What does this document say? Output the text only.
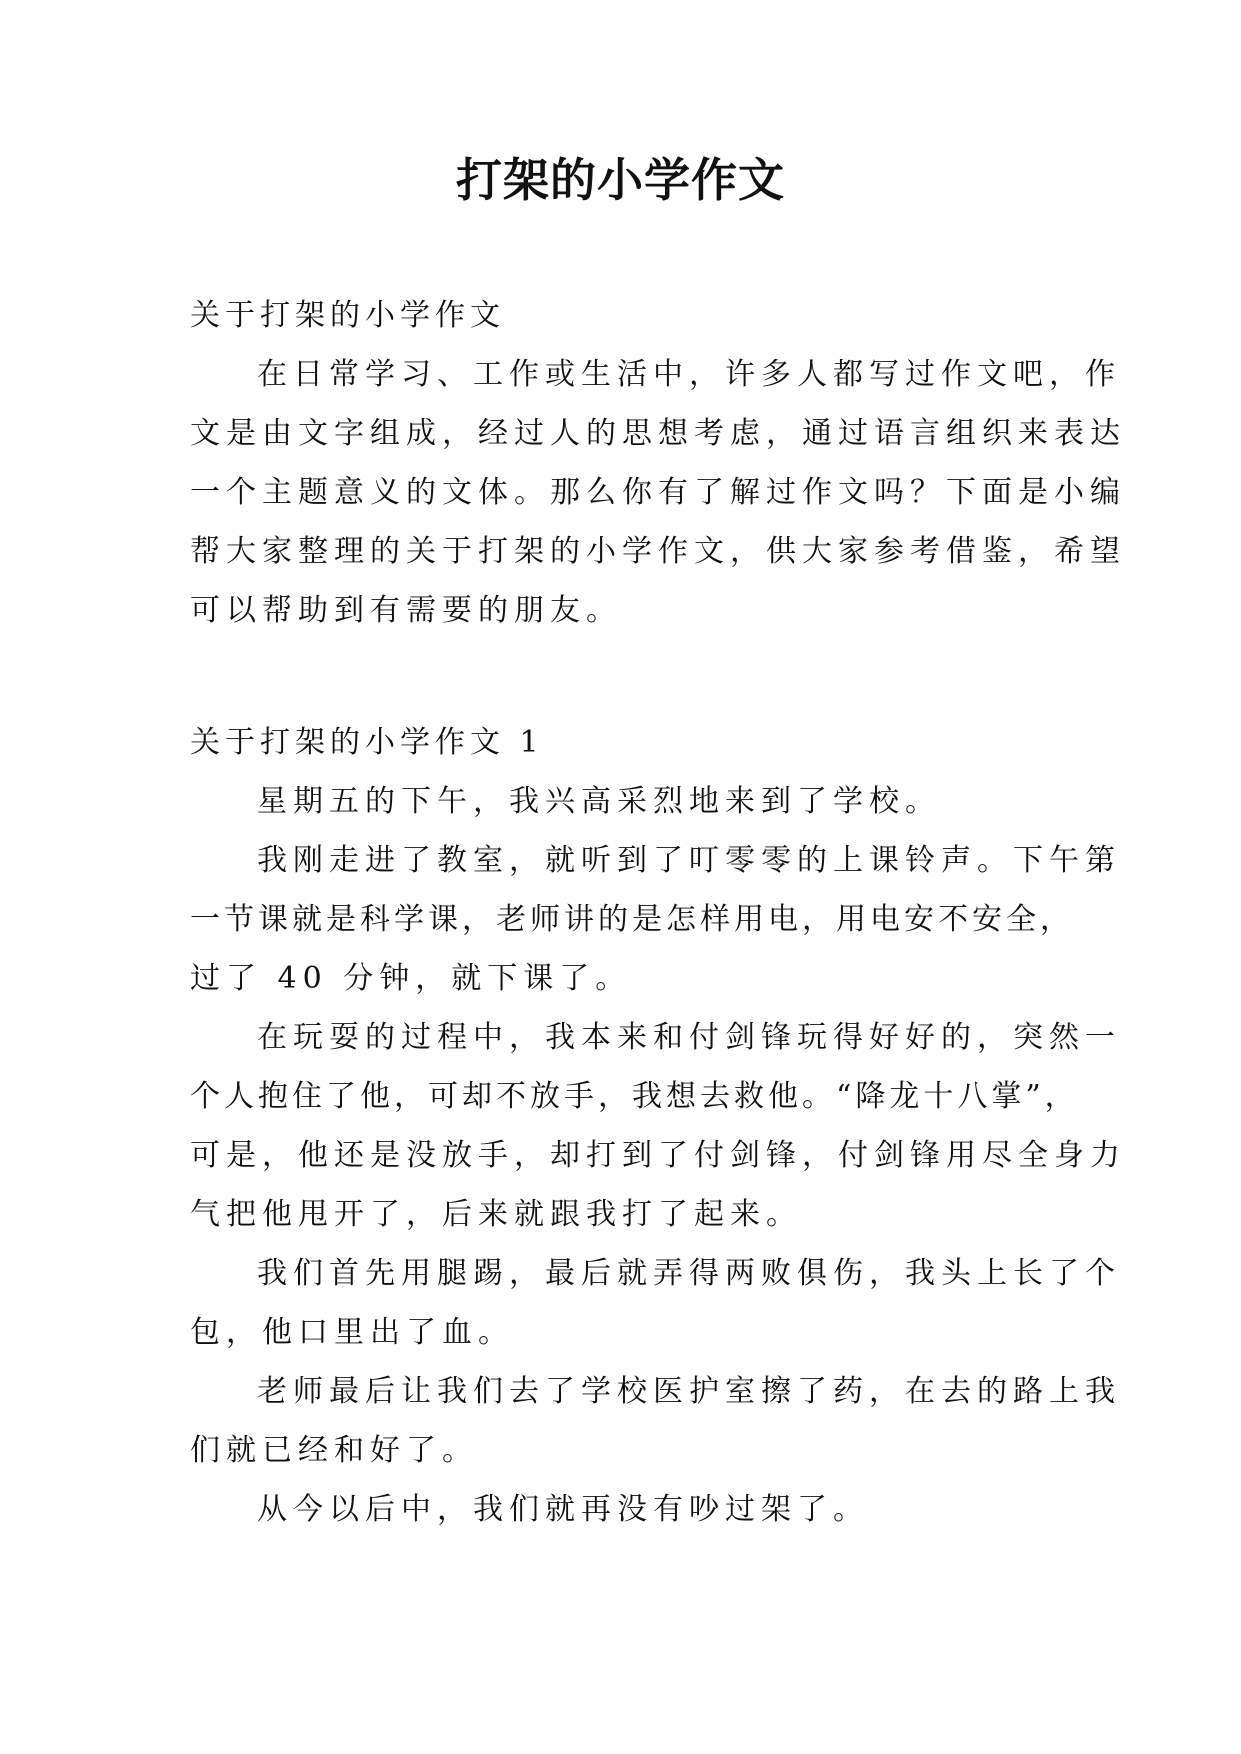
打架的小学作文
关于打架的小学作文
在日常学习、工作或生活中，许多人都写过作文吧，作
文是由文字组成，经过人的思想考虑，通过语言组织来表达
一个主题意义的文体。那么你有了解过作文吗？下面是小编
帮大家整理的关于打架的小学作文，供大家参考借鉴，希望
可以帮助到有需要的朋友。
关于打架的小学作文 1
星期五的下午，我兴高采烈地来到了学校。
我刚走进了教室，就听到了叮零零的上课铃声。下午第
一节课就是科学课，老师讲的是怎样用电，用电安不安全，
过了 40 分钟，就下课了。
在玩耍的过程中，我本来和付剑锋玩得好好的，突然一
个人抱住了他，可却不放手，我想去救他。“降龙十八掌”，
可是，他还是没放手，却打到了付剑锋，付剑锋用尽全身力
气把他甩开了，后来就跟我打了起来。
我们首先用腿踢，最后就弄得两败俱伤，我头上长了个
包，他口里出了血。
老师最后让我们去了学校医护室擦了药，在去的路上我
们就已经和好了。
从今以后中，我们就再没有吵过架了。
